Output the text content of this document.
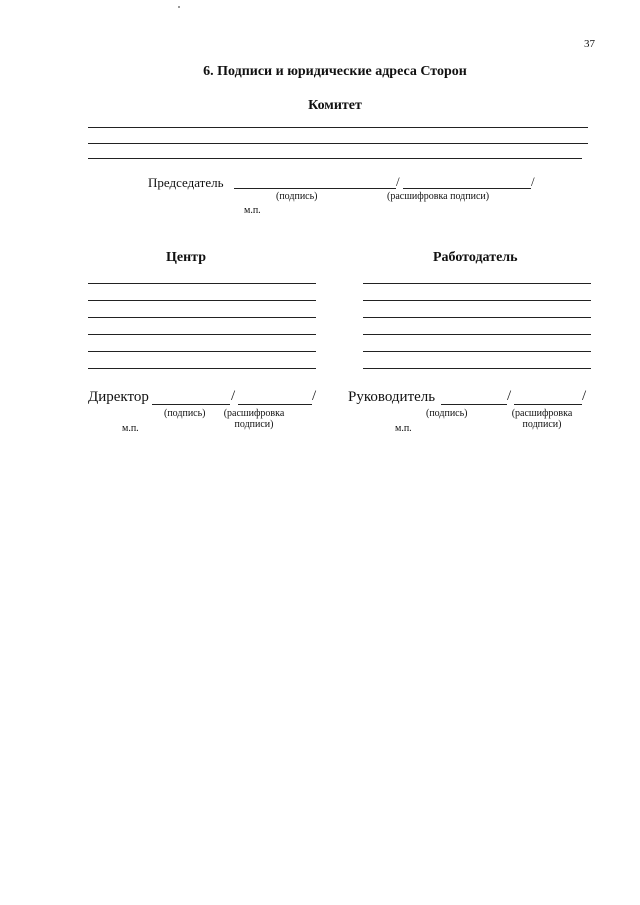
37
6. Подписи и юридические адреса Сторон
Комитет
Председатель	/	/
(подпись)	(расшифровка подписи)
м.п.
Центр
Директор	/	/
(подпись)	(расшифровка
подписи)
м.п.
Работодатель
Руководитель	/	/
(подпись)	(расшифровка
подписи)
м.п.
